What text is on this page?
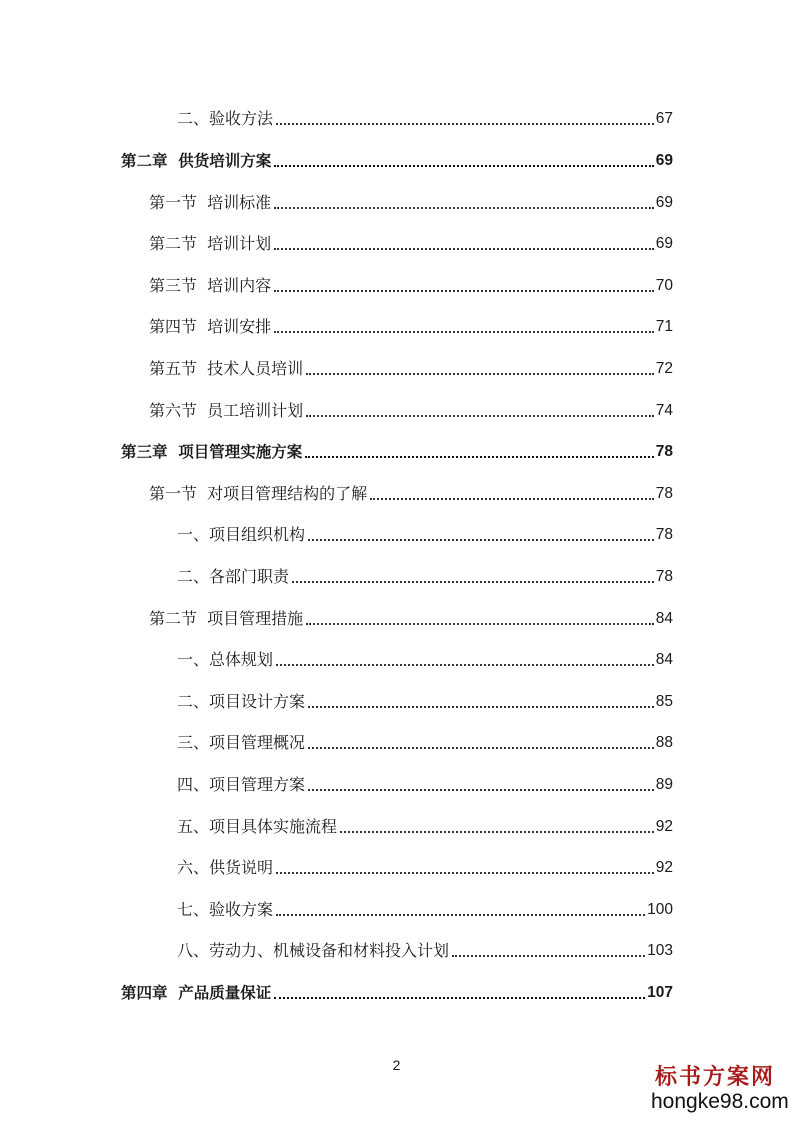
二、验收方法	67
第二章  供货培训方案	69
第一节  培训标准	69
第二节  培训计划	69
第三节  培训内容	70
第四节  培训安排	71
第五节  技术人员培训	72
第六节  员工培训计划	74
第三章  项目管理实施方案	78
第一节  对项目管理结构的了解	78
一、项目组织机构	78
二、各部门职责	78
第二节  项目管理措施	84
一、总体规划	84
二、项目设计方案	85
三、项目管理概况	88
四、项目管理方案	89
五、项目具体实施流程	92
六、供货说明	92
七、验收方案	100
八、劳动力、机械设备和材料投入计划	103
第四章  产品质量保证	107
2	标书方案网
hongke98.com
